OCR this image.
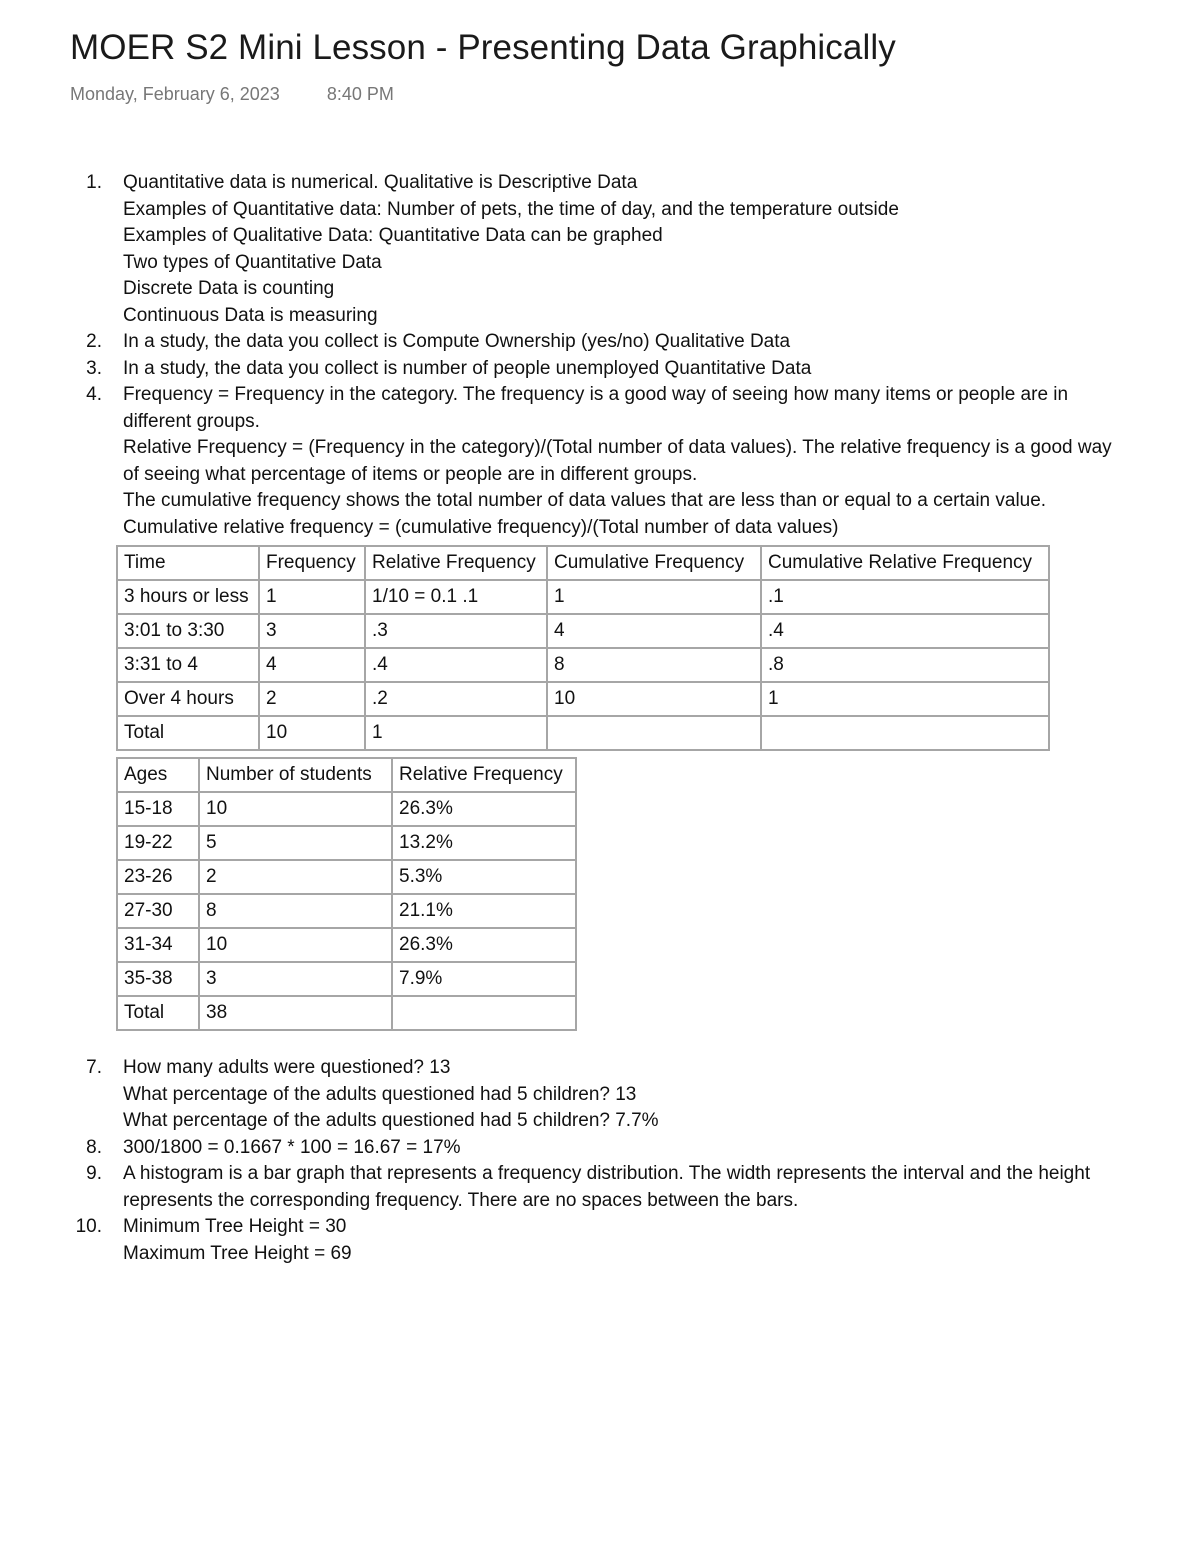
MOER S2 Mini Lesson - Presenting Data Graphically
Monday, February 6, 2023	8:40 PM
1. Quantitative data is numerical. Qualitative is Descriptive Data
Examples of Quantitative data: Number of pets, the time of day, and the temperature outside
Examples of Qualitative Data: Quantitative Data can be graphed
Two types of Quantitative Data
Discrete Data is counting
Continuous Data is measuring
2. In a study, the data you collect is Compute Ownership (yes/no) Qualitative Data
3. In a study, the data you collect is number of people unemployed Quantitative Data
4. Frequency = Frequency in the category. The frequency is a good way of seeing how many items or people are in different groups.
Relative Frequency = (Frequency in the category)/(Total number of data values). The relative frequency is a good way of seeing what percentage of items or people are in different groups.
The cumulative frequency shows the total number of data values that are less than or equal to a certain value.
Cumulative relative frequency = (cumulative frequency)/(Total number of data values)
Time	Frequency	Relative Frequency	Cumulative Frequency	Cumulative Relative Frequency
3 hours or less	1	1/10 = 0.1 .1	1	.1
3:01 to 3:30	3	.3	4	.4
3:31 to 4	4	.4	8	.8
Over 4 hours	2	.2	10	1
Total	10	1		
Ages	Number of students	Relative Frequency
15-18	10	26.3%
19-22	5	13.2%
23-26	2	5.3%
27-30	8	21.1%
31-34	10	26.3%
35-38	3	7.9%
Total	38	
7. How many adults were questioned? 13
What percentage of the adults questioned had 5 children? 13
What percentage of the adults questioned had 5 children? 7.7%
8. 300/1800 = 0.1667 * 100 = 16.67 = 17%
9. A histogram is a bar graph that represents a frequency distribution. The width represents the interval and the height represents the corresponding frequency. There are no spaces between the bars.
10. Minimum Tree Height = 30
Maximum Tree Height = 69
